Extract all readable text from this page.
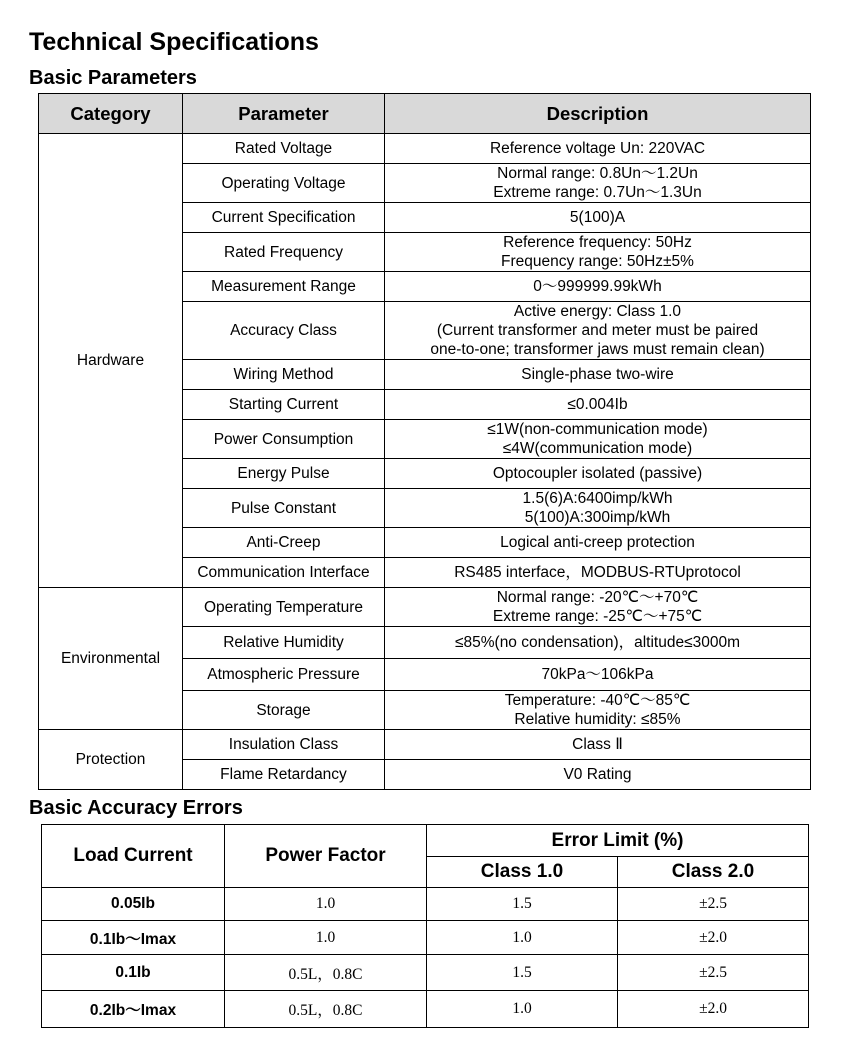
Technical Specifications
Basic Parameters
Category	Parameter	Description
Hardware	Rated Voltage	Reference voltage Un: 220VAC

	Operating Voltage	Normal range: 0.8Un～1.2Un
Extreme range: 0.7Un～1.3Un

	Current Specification	5(100)A

	Rated Frequency	Reference frequency: 50Hz
Frequency range: 50Hz±5%

	Measurement Range	0～999999.99kWh

	Accuracy Class	Active energy: Class 1.0
(Current transformer and meter must be paired
one-to-one; transformer jaws must remain clean)

	Wiring Method	Single-phase two-wire

	Starting Current	≤0.004Ib

	Power Consumption	≤1W(non-communication mode)
≤4W(communication mode)

	Energy Pulse	Optocoupler isolated (passive)

	Pulse Constant	1.5(6)A:6400imp/kWh
5(100)A:300imp/kWh

	Anti-Creep	Logical anti-creep protection

	Communication Interface	RS485 interface，MODBUS-RTUprotocol

Environmental	Operating Temperature	Normal range: -20℃～+70℃
Extreme range: -25℃～+75℃

	Relative Humidity	≤85%(no condensation)，altitude≤3000m

	Atmospheric Pressure	70kPa～106kPa

	Storage	Temperature: -40℃～85℃
Relative humidity: ≤85%

Protection	Insulation Class	Class Ⅱ

	Flame Retardancy	V0 Rating
Basic Accuracy Errors
Load Current	Power Factor	Error Limit (%)	
		Class 1.0	Class 2.0
0.05Ib	1.0	1.5	±2.5
0.1Ib～Imax	1.0	1.0	±2.0
0.1Ib	0.5L，0.8C	1.5	±2.5
0.2Ib～Imax	0.5L，0.8C	1.0	±2.0
